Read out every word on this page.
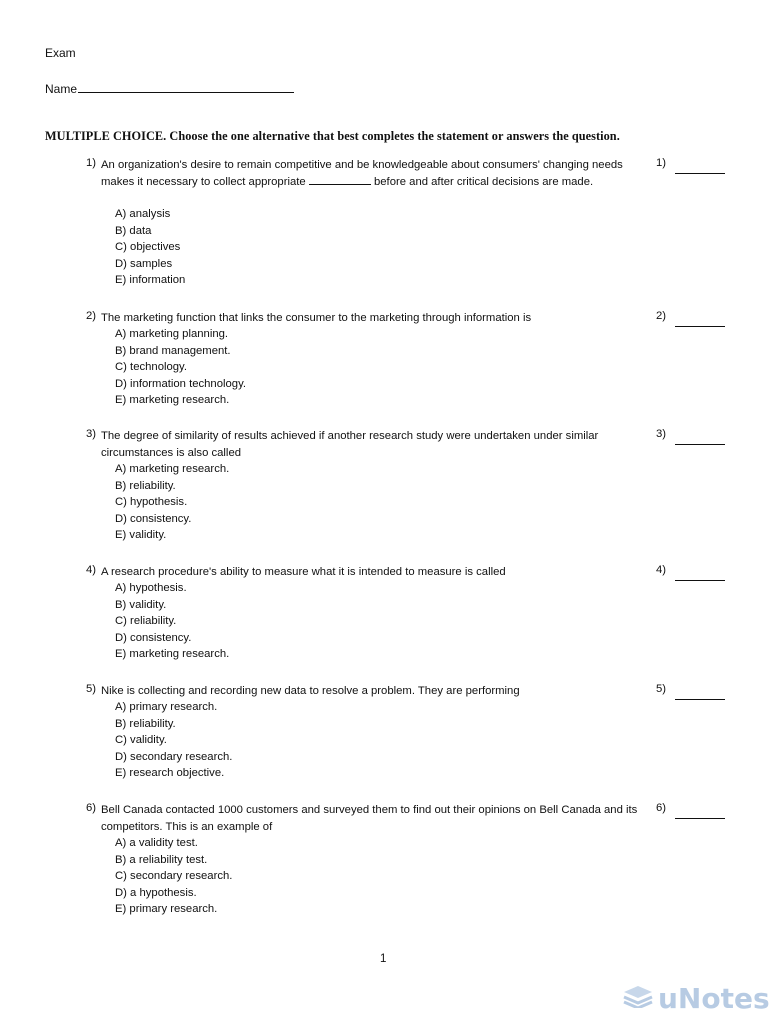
Exam
Name
MULTIPLE CHOICE. Choose the one alternative that best completes the statement or answers the question.
1) An organization's desire to remain competitive and be knowledgeable about consumers' changing needs makes it necessary to collect appropriate	before and after critical decisions are made.
A) analysis
B) data
C) objectives
D) samples
E) information
1)
2) The marketing function that links the consumer to the marketing through information is
A) marketing planning.
B) brand management.
C) technology.
D) information technology.
E) marketing research.
2)
3) The degree of similarity of results achieved if another research study were undertaken under similar circumstances is also called
A) marketing research.
B) reliability.
C) hypothesis.
D) consistency.
E) validity.
3)
4) A research procedure's ability to measure what it is intended to measure is called
A) hypothesis.
B) validity.
C) reliability.
D) consistency.
E) marketing research.
4)
5) Nike is collecting and recording new data to resolve a problem. They are performing
A) primary research.
B) reliability.
C) validity.
D) secondary research.
E) research objective.
5)
6) Bell Canada contacted 1000 customers and surveyed them to find out their opinions on Bell Canada and its competitors. This is an example of
A) a validity test.
B) a reliability test.
C) secondary research.
D) a hypothesis.
E) primary research.
6)
1
uNotes
